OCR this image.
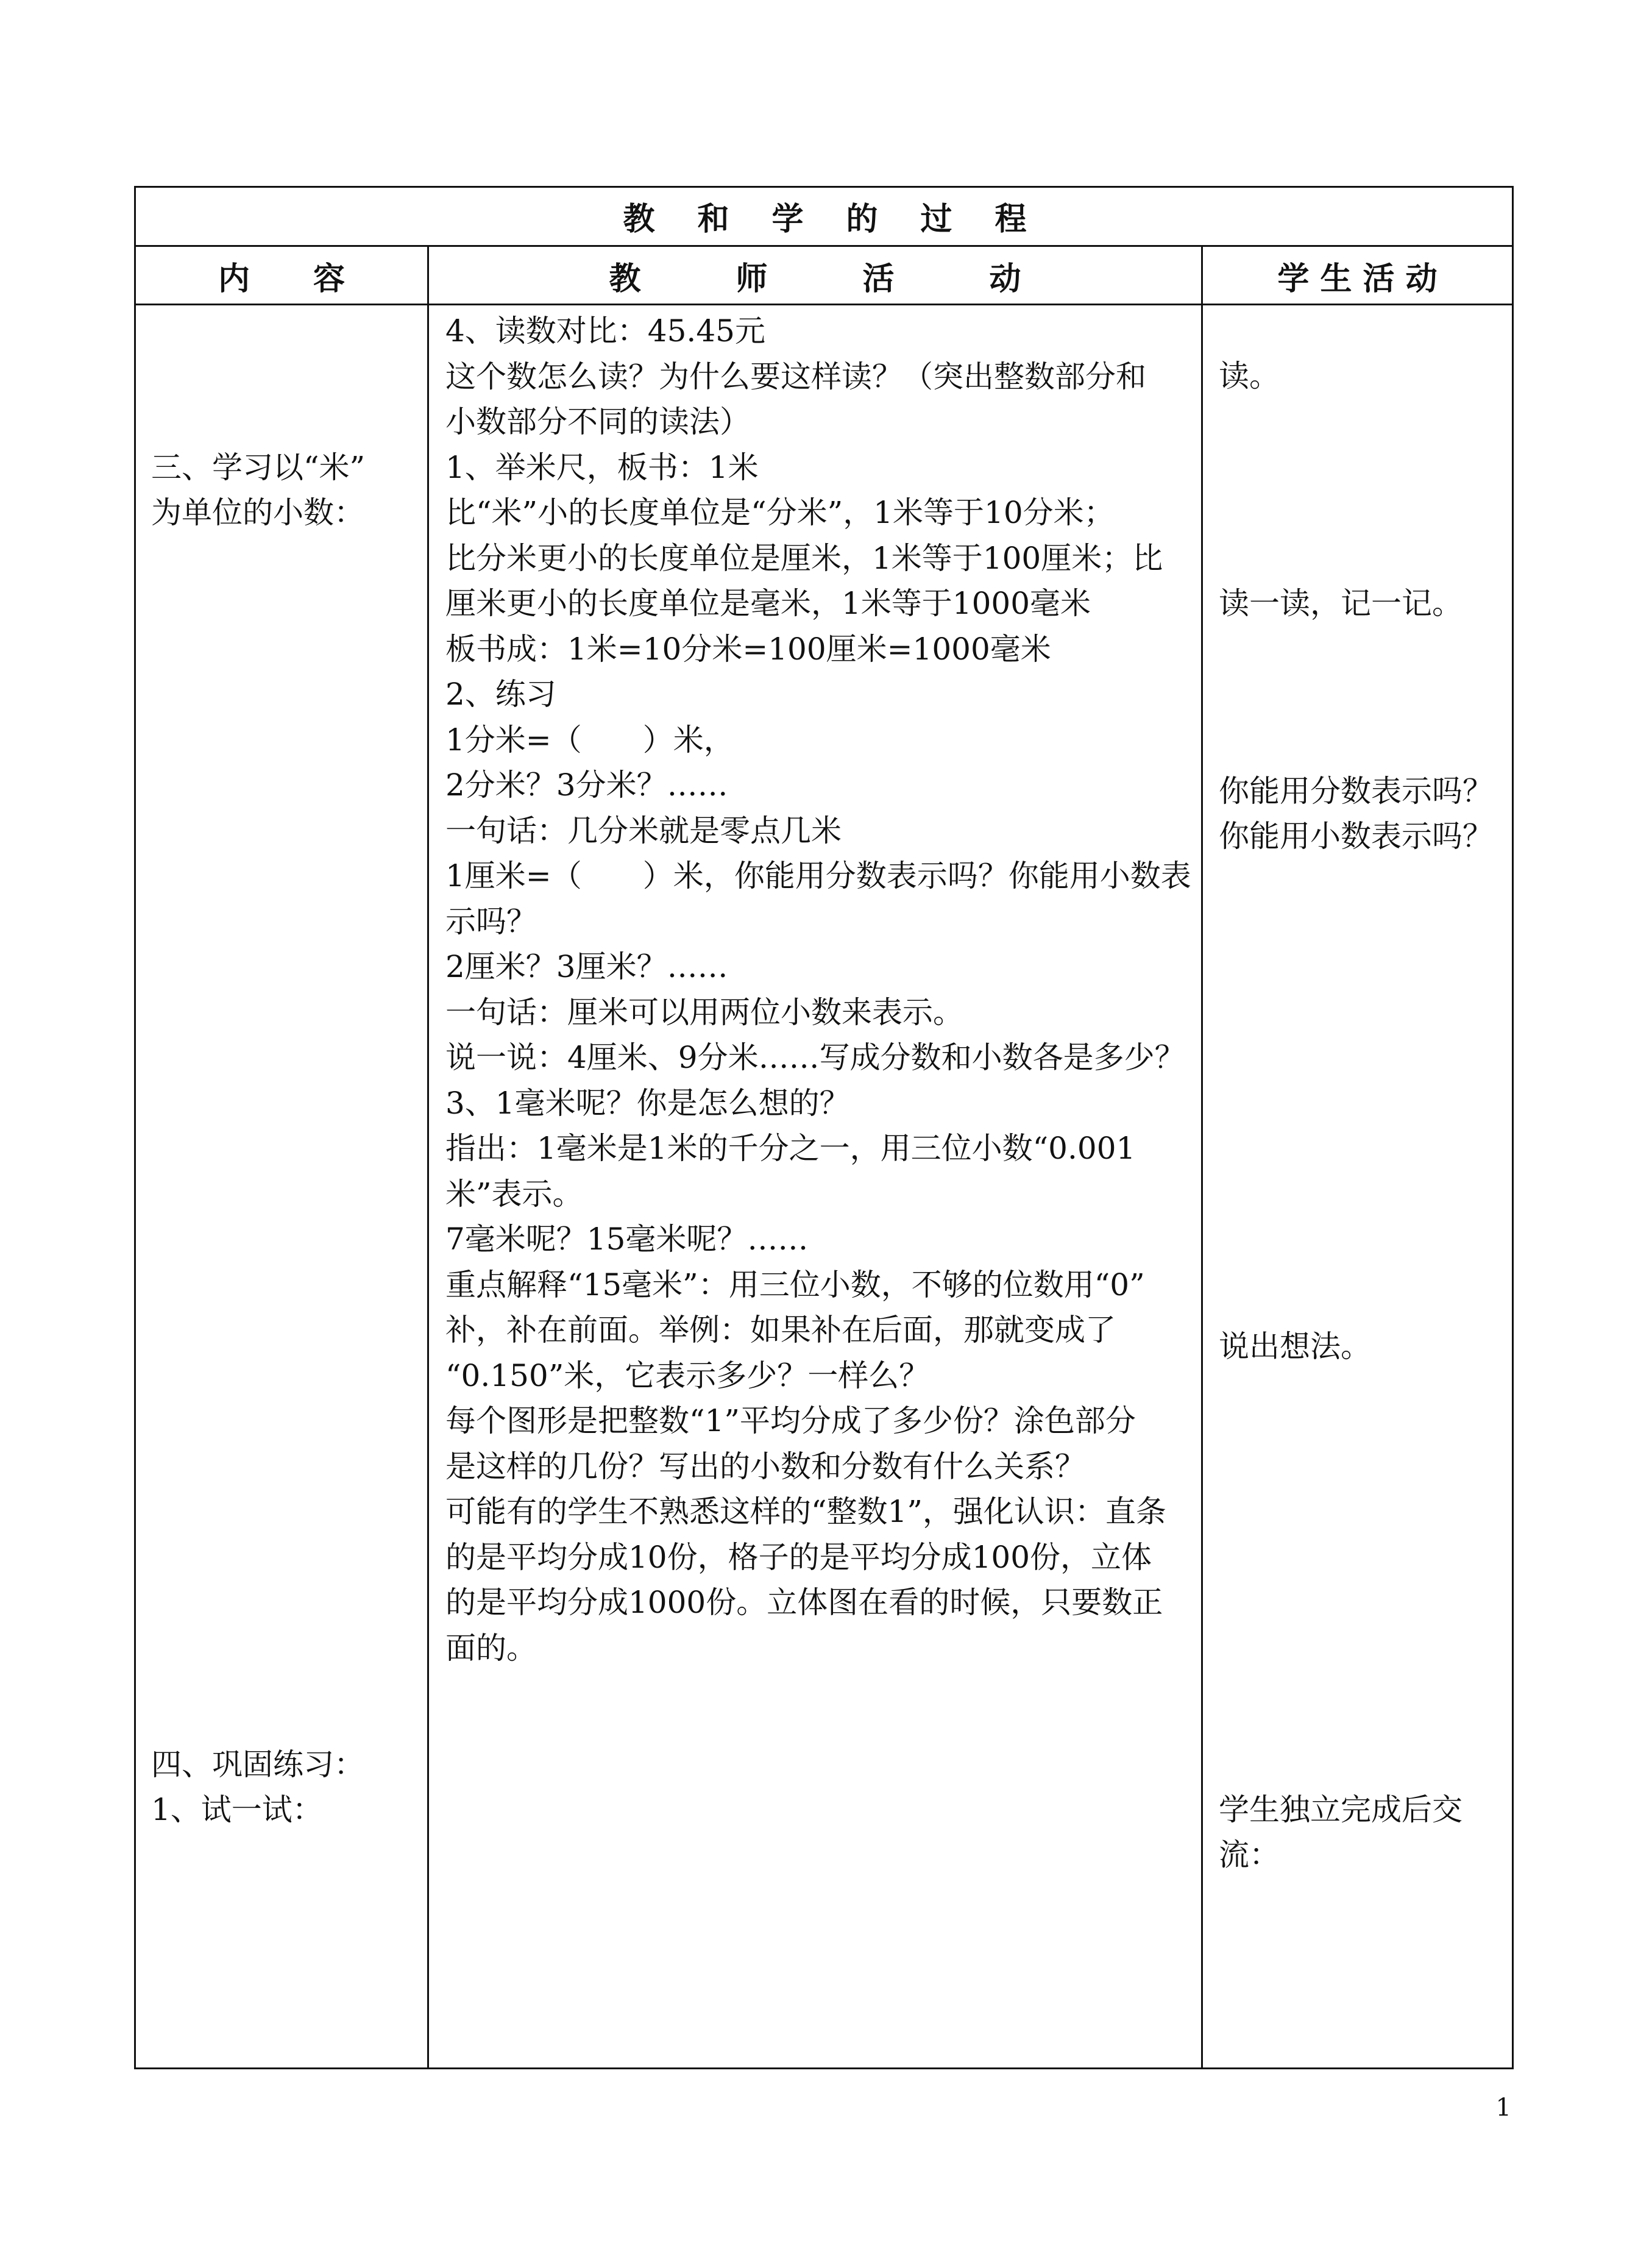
教和学的过程
内　　容	教　　　师　　　活　　　动	学 生 活 动
三、学习以“米”
为单位的小数：
四、巩固练习：
1、试一试：
4、读数对比：45.45元
这个数怎么读？为什么要这样读？（突出整数部分和
小数部分不同的读法）
1、举米尺，板书：1米
比“米”小的长度单位是“分米”，1米等于10分米；
比分米更小的长度单位是厘米，1米等于100厘米；比
厘米更小的长度单位是毫米，1米等于1000毫米
板书成：1米=10分米=100厘米=1000毫米
2、练习
1分米=（　　）米，
2分米？3分米？……
一句话：几分米就是零点几米
1厘米=（　　）米，你能用分数表示吗？你能用小数表
示吗？
2厘米？3厘米？……
一句话：厘米可以用两位小数来表示。
说一说：4厘米、9分米……写成分数和小数各是多少？
3、1毫米呢？你是怎么想的？
指出：1毫米是1米的千分之一，用三位小数“0.001
米”表示。
7毫米呢？15毫米呢？……
重点解释“15毫米”：用三位小数，不够的位数用“0”
补，补在前面。举例：如果补在后面，那就变成了
“0.150”米，它表示多少？一样么？
每个图形是把整数“1”平均分成了多少份？涂色部分
是这样的几份？写出的小数和分数有什么关系？
可能有的学生不熟悉这样的“整数1”，强化认识：直条
的是平均分成10份，格子的是平均分成100份，立体
的是平均分成1000份。立体图在看的时候，只要数正
面的。
读。
读一读，记一记。
你能用分数表示吗？
你能用小数表示吗？
说出想法。
学生独立完成后交
流：
1
